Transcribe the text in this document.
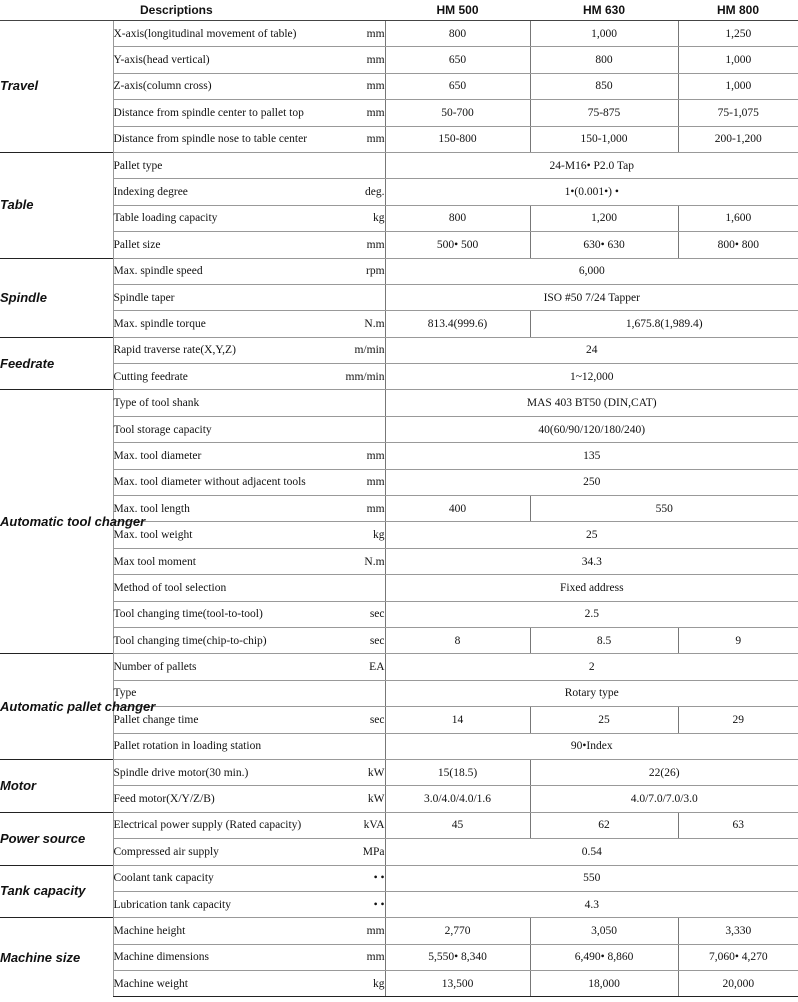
Descriptions			HM 500	HM 630	HM 800
Travel	X-axis(longitudinal movement of table)	mm	800	1,000	1,250
	Y-axis(head vertical)	mm	650	800	1,000
	Z-axis(column cross)	mm	650	850	1,000
	Distance from spindle center to pallet top	mm	50-700	75-875	75-1,075
	Distance from spindle nose to table center	mm	150-800	150-1,000	200-1,200
Table	Pallet type		24-M16• P2.0 Tap		
	Indexing degree	deg.	1•(0.001•) •		
	Table loading capacity	kg	800	1,200	1,600
	Pallet size	mm	500• 500	630• 630	800• 800
Spindle	Max. spindle speed	rpm	6,000		
	Spindle taper		ISO #50 7/24 Tapper		
	Max. spindle torque	N.m	813.4(999.6)	1,675.8(1,989.4)	
Feedrate	Rapid traverse rate(X,Y,Z)	m/min	24		
	Cutting feedrate	mm/min	1~12,000		
Automatic tool changer	Type of tool shank		MAS 403 BT50 (DIN,CAT)		
	Tool storage capacity		40(60/90/120/180/240)		
	Max. tool diameter	mm	135		
	Max. tool diameter without adjacent tools	mm	250		
	Max. tool length	mm	400	550	
	Max. tool weight	kg	25		
	Max tool moment	N.m	34.3		
	Method of tool selection		Fixed address		
	Tool changing time(tool-to-tool)	sec	2.5		
	Tool changing time(chip-to-chip)	sec	8	8.5	9
Automatic pallet changer	Number of pallets	EA	2		
	Type		Rotary type		
	Pallet change time	sec	14	25	29
	Pallet rotation in loading station		90•Index		
Motor	Spindle drive motor(30 min.)	kW	15(18.5)	22(26)	
	Feed motor(X/Y/Z/B)	kW	3.0/4.0/4.0/1.6	4.0/7.0/7.0/3.0	
Power source	Electrical power supply (Rated capacity)	kVA	45	62	63
	Compressed air supply	MPa	0.54		
Tank capacity	Coolant tank capacity	• •	550		
	Lubrication tank capacity	• •	4.3		
Machine size	Machine height	mm	2,770	3,050	3,330
	Machine dimensions	mm	5,550• 8,340	6,490• 8,860	7,060• 4,270
	Machine weight	kg	13,500	18,000	20,000
